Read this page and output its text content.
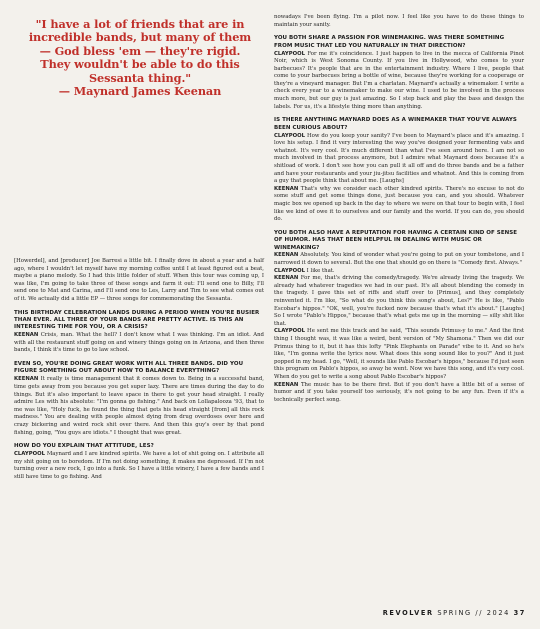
"I have a lot of friends that are in incredible bands, but many of them — God bless 'em — they're rigid. They wouldn't be able to do this Sessanta thing."
— Maynard James Keenan

[Howerdel], and [producer] Joe Barresi a little bit. I finally dove in about a year and a half ago, where I wouldn't let myself have my morning coffee until I at least figured out a beat, maybe a piano melody. So I had this little folder of stuff. When this tour was coming up, I was like, I'm going to take three of these songs and farm it out: I'll send one to Billy, I'll send one to Mat and Carina, and I'll send one to Les, Larry and Tim to see what comes out of it. We actually did a little EP — three songs for commemorating the Sessanta.

THIS BIRTHDAY CELEBRATION LANDS DURING A PERIOD WHEN YOU'RE BUSIER THAN EVER. ALL THREE OF YOUR BANDS ARE PRETTY ACTIVE. IS THIS AN INTERESTING TIME FOR YOU, OR A CRISIS?

KEENAN Crisis, man. What the hell? I don't know what I was thinking. I'm an idiot. And with all the restaurant stuff going on and winery things going on in Arizona, and then three bands, I think it's time to go to law school.

EVEN SO, YOU'RE DOING GREAT WORK WITH ALL THREE BANDS. DID YOU FIGURE SOMETHING OUT ABOUT HOW TO BALANCE EVERYTHING?

KEENAN It really is time management that it comes down to. Being in a successful band, time gets away from you because you get super lazy. There are times during the day to do things. But it's also important to leave space in there to get your head straight. I really admire Les with his absolute: "I'm gonna go fishing." And back on Lollapalooza '93, that to me was like, "Holy fuck, he found the thing that gets his head straight [from] all this rock madness." You are dealing with people almost dying from drug overdoses over here and crazy bickering and weird rock shit over there. And then this guy's over by that pond fishing, going, "You guys are idiots." I thought that was great.

HOW DO YOU EXPLAIN THAT ATTITUDE, LES?

CLAYPOOL Maynard and I are kindred spirits. We have a lot of shit going on. I attribute all my shit going on to boredom. If I'm not doing something, it makes me depressed. If I'm not turning over a new rock, I go into a funk. So I have a little winery, I have a few bands and I still have time to go fishing. And

nowadays I've been flying. I'm a pilot now. I feel like you have to do these things to maintain your sanity.

YOU BOTH SHARE A PASSION FOR WINEMAKING. WAS THERE SOMETHING FROM MUSIC THAT LED YOU NATURALLY IN THAT DIRECTION?

CLAYPOOL For me it's coincidence. I just happen to live in the mecca of California Pinot Noir, which is West Sonoma County. If you live in Hollywood, who comes to your barbecues? It's people that are in the entertainment industry. Where I live, people that come to your barbecues bring a bottle of wine, because they're working for a cooperage or they're a vineyard manager. But I'm a charlatan. Maynard's actually a winemaker. I write a check every year to a winemaker to make our wine. I used to be involved in the process much more, but our guy is just amazing. So I step back and play the bass and design the labels. For us, it's a lifestyle thing more than anything.

IS THERE ANYTHING MAYNARD DOES AS A WINEMAKER THAT YOU'VE ALWAYS BEEN CURIOUS ABOUT?

CLAYPOOL How do you keep your sanity? I've been to Maynard's place and it's amazing. I love his setup. I find it very interesting the way you've designed your fermenting vats and whatnot. It's very cool. It's much different than what I've seen around here. I am not so much involved in that process anymore, but I admire what Maynard does because it's a shitload of work. I don't see how you can pull it all off and do three bands and be a father and have your restaurants and your jiu-jitsu facilities and whatnot. And this is coming from a guy that people think that about me. [Laughs]

KEENAN That's why we consider each other kindred spirits. There's no excuse to not do some stuff and get some things done, just because you can, and you should. Whatever magic box we opened up back in the day to where we were on that tour to begin with, I feel like we kind of owe it to ourselves and our family and the world. If you can do, you should do.

YOU BOTH ALSO HAVE A REPUTATION FOR HAVING A CERTAIN KIND OF SENSE OF HUMOR. HAS THAT BEEN HELPFUL IN DEALING WITH MUSIC OR WINEMAKING?

KEENAN Absolutely. You kind of wonder what you're going to put on your tombstone, and I narrowed it down to several. But the one that should go on there is "Comedy first. Always."

CLAYPOOL I like that.

KEENAN For me, that's driving the comedy/tragedy. We're already living the tragedy. We already had whatever tragedies we had in our past. It's all about blending the comedy in the tragedy. I gave this set of riffs and stuff over to [Primus], and they completely reinvented it. I'm like, "So what do you think this song's about, Les?" He is like, "Pablo Escobar's hippos." "OK, well, you're fucked now because that's what it's about." [Laughs] So I wrote "Pablo's Hippos," because that's what gets me up in the morning — silly shit like that.

CLAYPOOL He sent me this track and he said, "This sounds Primus-y to me." And the first thing I thought was, it was like a weird, bent version of "My Shamona." Then we did our Primus thing to it, but it has this lofty "Pink Elephants on Parade" vibe to it. And so he's like, "I'm gonna write the lyrics now. What does this song sound like to you?" And it just popped in my head. I go, "Well, it sounds like Pablo Escobar's hippos," because I'd just seen this program on Pablo's hippos, so away he went. Now we have this song, and it's very cool. When do you get to write a song about Pablo Escobar's hippos?

KEENAN The music has to be there first. But if you don't have a little bit of a sense of humor and if you take yourself too seriously, it's not going to be any fun. Even if it's a technically perfect song.

REVOLVER SPRING // 2024 37
